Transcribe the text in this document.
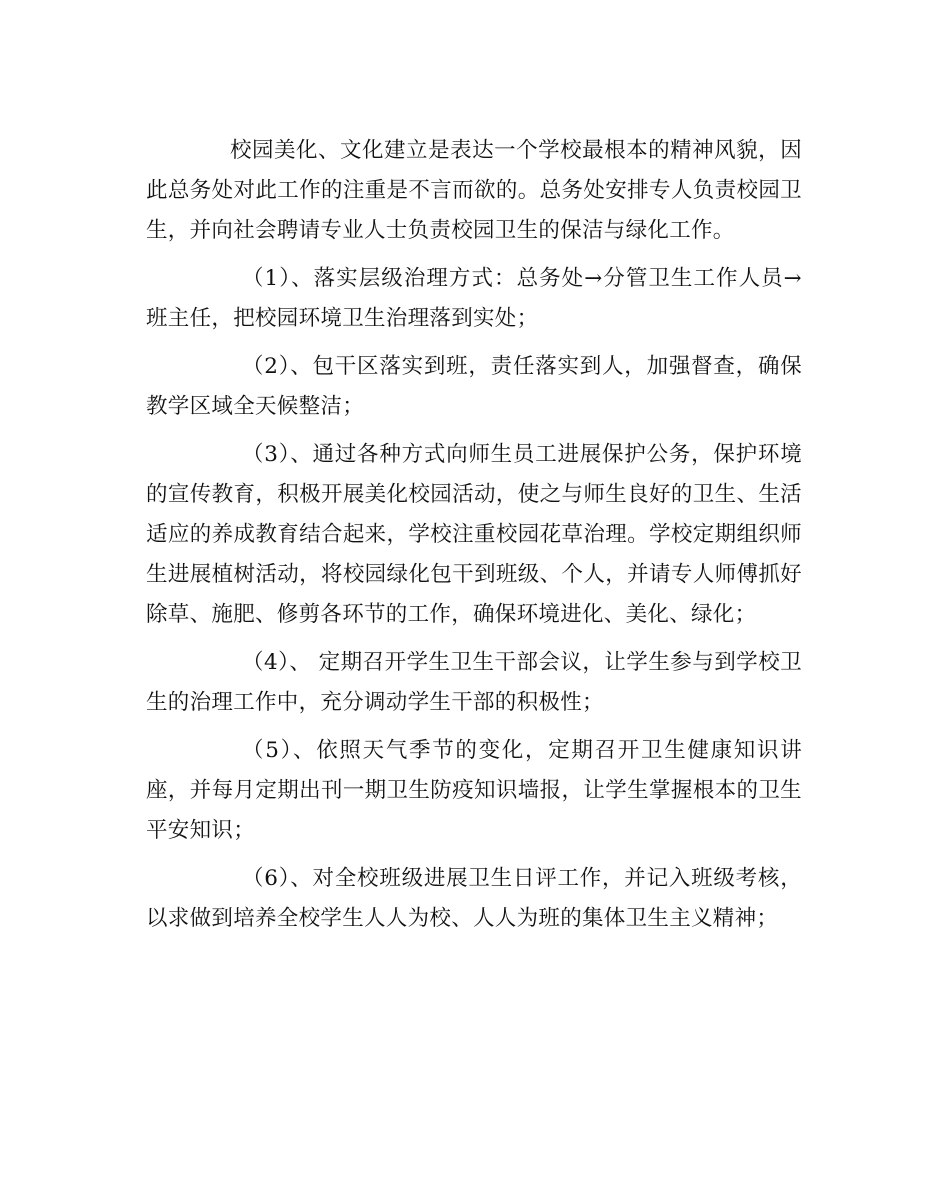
校园美化、文化建立是表达一个学校最根本的精神风貌，因此总务处对此工作的注重是不言而欲的。总务处安排专人负责校园卫生，并向社会聘请专业人士负责校园卫生的保洁与绿化工作。

（1）、落实层级治理方式：总务处→分管卫生工作人员→班主任，把校园环境卫生治理落到实处；

（2）、包干区落实到班，责任落实到人，加强督查，确保教学区域全天候整洁；

（3）、通过各种方式向师生员工进展保护公务，保护环境的宣传教育，积极开展美化校园活动，使之与师生良好的卫生、生活适应的养成教育结合起来，学校注重校园花草治理。学校定期组织师生进展植树活动，将校园绿化包干到班级、个人，并请专人师傅抓好除草、施肥、修剪各环节的工作，确保环境进化、美化、绿化；

（4）、 定期召开学生卫生干部会议，让学生参与到学校卫生的治理工作中，充分调动学生干部的积极性；

（5）、依照天气季节的变化，定期召开卫生健康知识讲座，并每月定期出刊一期卫生防疫知识墙报，让学生掌握根本的卫生平安知识；

（6）、对全校班级进展卫生日评工作，并记入班级考核，以求做到培养全校学生人人为校、人人为班的集体卫生主义精神；
